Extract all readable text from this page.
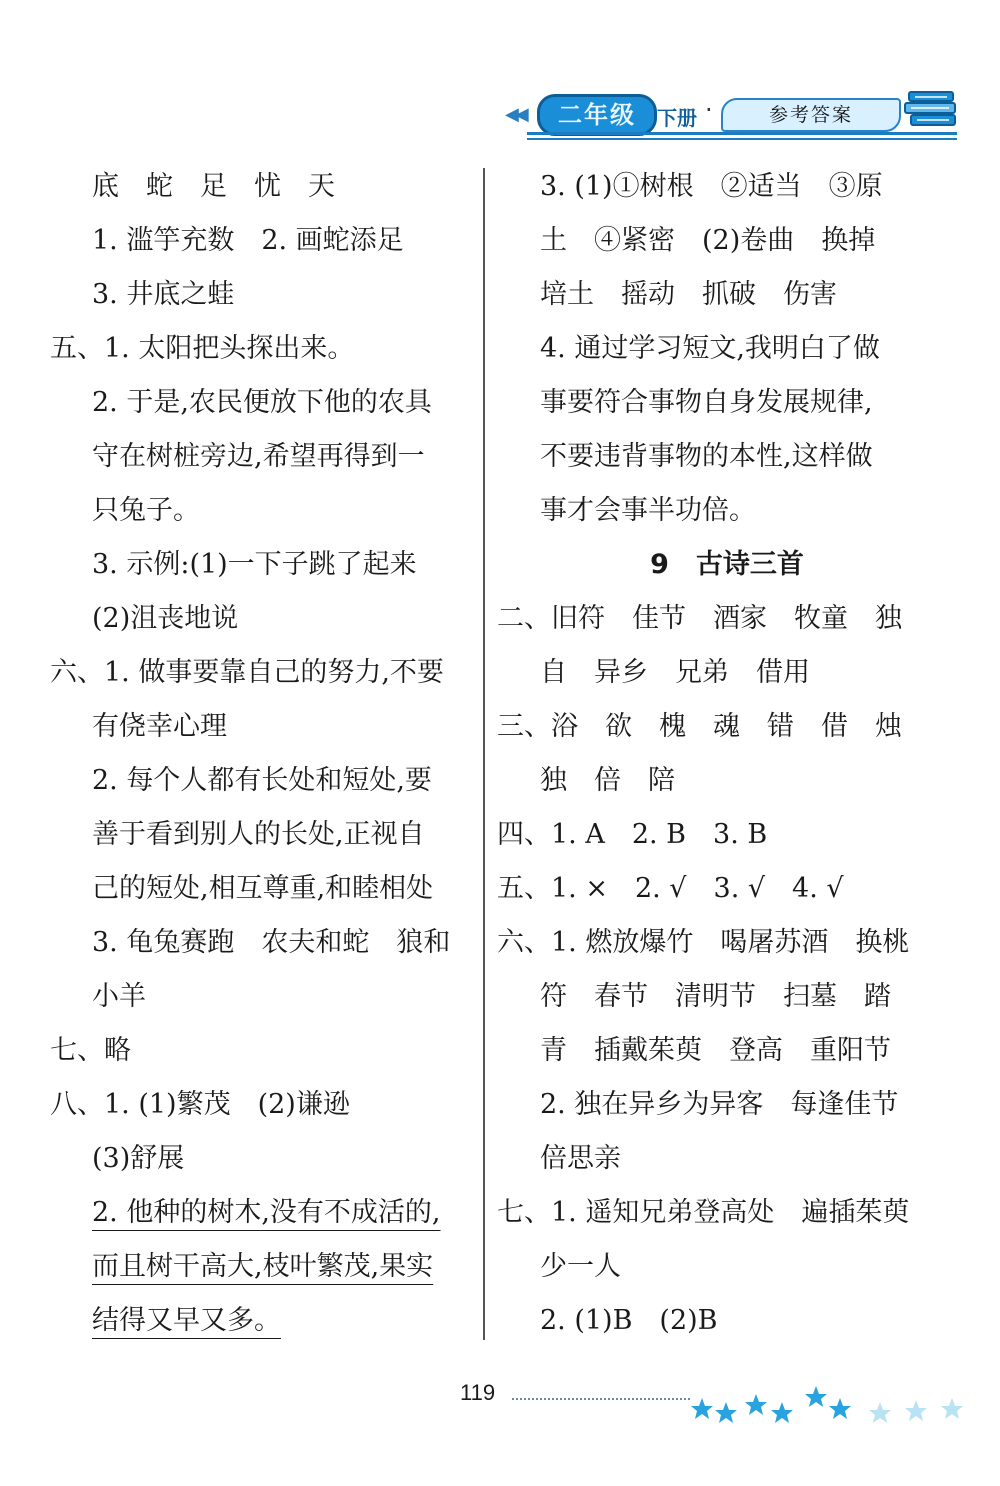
◀◀	二年级	下册 ·	参考答案
底　蛇　足　忧　天
1. 滥竽充数　2. 画蛇添足
3. 井底之蛙
五、1. 太阳把头探出来。
2. 于是,农民便放下他的农具
守在树桩旁边,希望再得到一
只兔子。
3. 示例:(1)一下子跳了起来
(2)沮丧地说
六、1. 做事要靠自己的努力,不要
有侥幸心理
2. 每个人都有长处和短处,要
善于看到别人的长处,正视自
己的短处,相互尊重,和睦相处
3. 龟兔赛跑　农夫和蛇　狼和
小羊
七、略
八、1. (1)繁茂　(2)谦逊
(3)舒展
2. 他种的树木,没有不成活的,
而且树干高大,枝叶繁茂,果实
结得又早又多。
3. (1)①树根　②适当　③原
土　④紧密　(2)卷曲　换掉
培土　摇动　抓破　伤害
4. 通过学习短文,我明白了做
事要符合事物自身发展规律,
不要违背事物的本性,这样做
事才会事半功倍。
9　古诗三首
二、旧符　佳节　酒家　牧童　独
自　异乡　兄弟　借用
三、浴　欲　槐　魂　错　借　烛
独　倍　陪
四、1. A　2. B　3. B
五、1. ×　2. √　3. √　4. √
六、1. 燃放爆竹　喝屠苏酒　换桃
符　春节　清明节　扫墓　踏
青　插戴茱萸　登高　重阳节
2. 独在异乡为异客　每逢佳节
倍思亲
七、1. 遥知兄弟登高处　遍插茱萸
少一人
2. (1)B　(2)B
119
